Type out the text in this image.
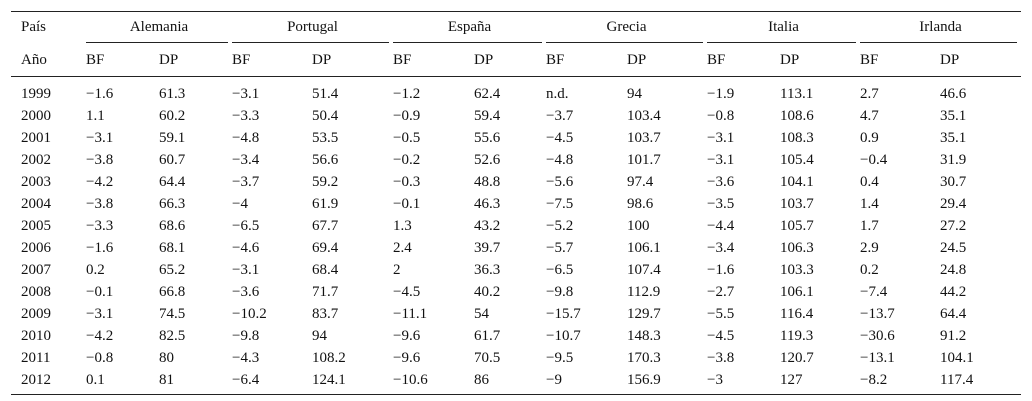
País	Alemania		Portugal		España		Grecia		Italia		Irlanda	
Año	BF	DP	BF	DP	BF	DP	BF	DP	BF	DP	BF	DP
1999	−1.6	61.3	−3.1	51.4	−1.2	62.4	n.d.	94	−1.9	113.1	2.7	46.6
2000	1.1	60.2	−3.3	50.4	−0.9	59.4	−3.7	103.4	−0.8	108.6	4.7	35.1
2001	−3.1	59.1	−4.8	53.5	−0.5	55.6	−4.5	103.7	−3.1	108.3	0.9	35.1
2002	−3.8	60.7	−3.4	56.6	−0.2	52.6	−4.8	101.7	−3.1	105.4	−0.4	31.9
2003	−4.2	64.4	−3.7	59.2	−0.3	48.8	−5.6	97.4	−3.6	104.1	0.4	30.7
2004	−3.8	66.3	−4	61.9	−0.1	46.3	−7.5	98.6	−3.5	103.7	1.4	29.4
2005	−3.3	68.6	−6.5	67.7	1.3	43.2	−5.2	100	−4.4	105.7	1.7	27.2
2006	−1.6	68.1	−4.6	69.4	2.4	39.7	−5.7	106.1	−3.4	106.3	2.9	24.5
2007	0.2	65.2	−3.1	68.4	2	36.3	−6.5	107.4	−1.6	103.3	0.2	24.8
2008	−0.1	66.8	−3.6	71.7	−4.5	40.2	−9.8	112.9	−2.7	106.1	−7.4	44.2
2009	−3.1	74.5	−10.2	83.7	−11.1	54	−15.7	129.7	−5.5	116.4	−13.7	64.4
2010	−4.2	82.5	−9.8	94	−9.6	61.7	−10.7	148.3	−4.5	119.3	−30.6	91.2
2011	−0.8	80	−4.3	108.2	−9.6	70.5	−9.5	170.3	−3.8	120.7	−13.1	104.1
2012	0.1	81	−6.4	124.1	−10.6	86	−9	156.9	−3	127	−8.2	117.4
